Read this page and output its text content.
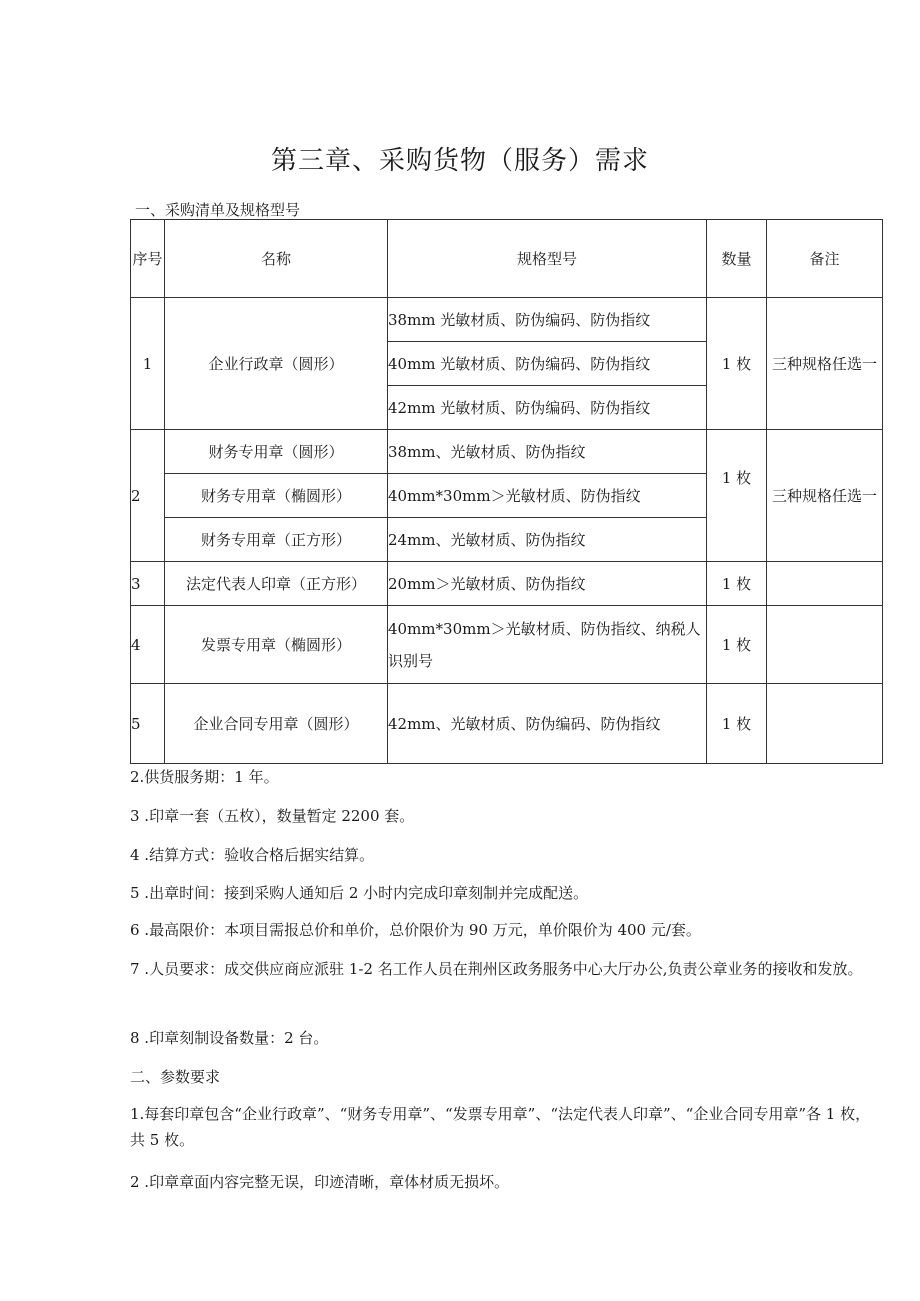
第三章、采购货物（服务）需求
一、采购清单及规格型号
序号	名称	规格型号	数量	备注
1	企业行政章（圆形）	38mm 光敏材质、防伪编码、防伪指纹	1 枚	三种规格任选一
		40mm 光敏材质、防伪编码、防伪指纹		
		42mm 光敏材质、防伪编码、防伪指纹		
2	财务专用章（圆形）	38mm、光敏材质、防伪指纹	1 枚	三种规格任选一
	财务专用章（椭圆形）	40mm*30mm＞光敏材质、防伪指纹		
	财务专用章（正方形）	24mm、光敏材质、防伪指纹		
3	法定代表人印章（正方形）	20mm＞光敏材质、防伪指纹	1 枚	
4	发票专用章（椭圆形）	40mm*30mm＞光敏材质、防伪指纹、纳税人识别号	1 枚	
5	企业合同专用章（圆形）	42mm、光敏材质、防伪编码、防伪指纹	1 枚	

2.供货服务期：1 年。

3 .印章一套（五枚），数量暂定 2200 套。

4 .结算方式：验收合格后据实结算。

5 .出章时间：接到采购人通知后 2 小时内完成印章刻制并完成配送。

6 .最高限价：本项目需报总价和单价，总价限价为 90 万元，单价限价为 400 元/套。

7 .人员要求：成交供应商应派驻 1-2 名工作人员在荆州区政务服务中心大厅办公,负责公章业务的接收和发放。

8 .印章刻制设备数量：2 台。

二、参数要求

1.每套印章包含“企业行政章”、“财务专用章”、“发票专用章”、“法定代表人印章”、“企业合同专用章”各 1 枚，共 5 枚。

2 .印章章面内容完整无误，印迹清晰，章体材质无损坏。
